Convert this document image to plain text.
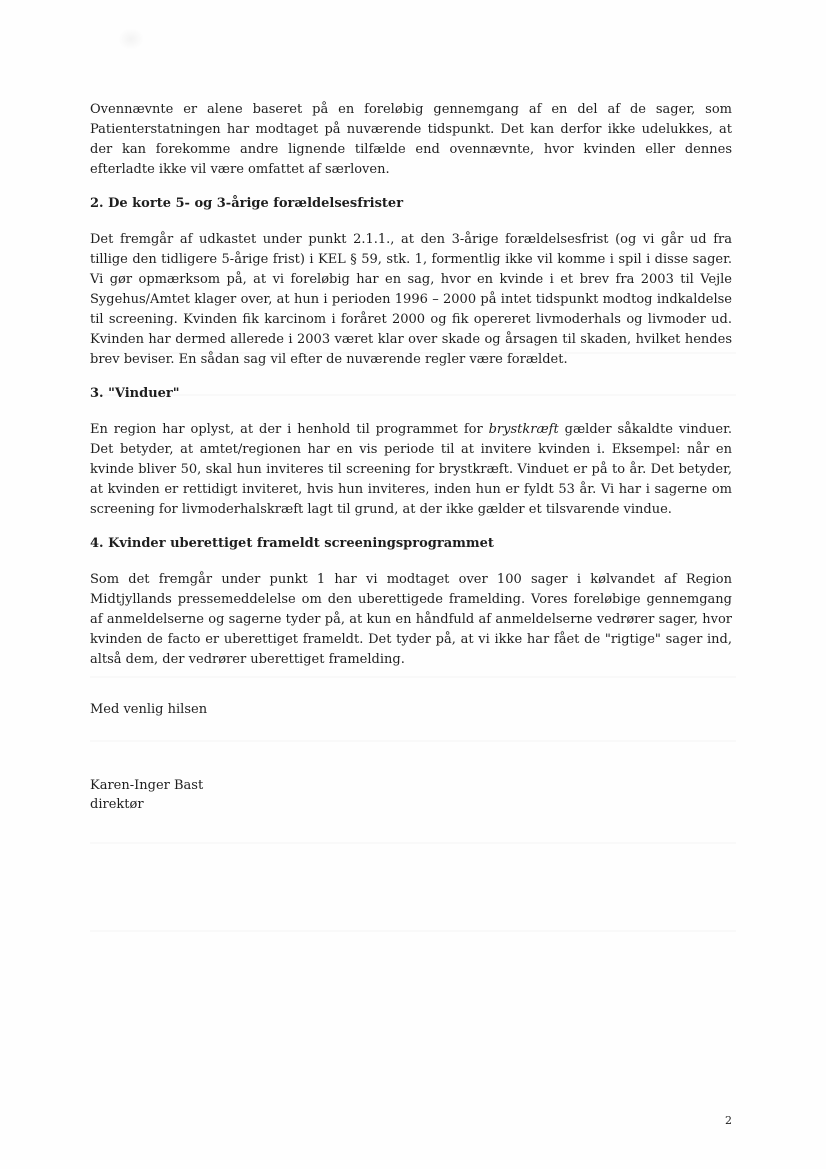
Ovennævnte er alene baseret på en foreløbig gennemgang af en del af de sager, som Patienterstatningen har modtaget på nuværende tidspunkt. Det kan derfor ikke udelukkes, at der kan forekomme andre lignende tilfælde end ovennævnte, hvor kvinden eller dennes efterladte ikke vil være omfattet af særloven.

2. De korte 5- og 3-årige forældelsesfrister

Det fremgår af udkastet under punkt 2.1.1., at den 3-årige forældelsesfrist (og vi går ud fra tillige den tidligere 5-årige frist) i KEL § 59, stk. 1, formentlig ikke vil komme i spil i disse sager. Vi gør opmærksom på, at vi foreløbig har en sag, hvor en kvinde i et brev fra 2003 til Vejle Sygehus/Amtet klager over, at hun i perioden 1996 – 2000 på intet tidspunkt modtog indkaldelse til screening. Kvinden fik karcinom i foråret 2000 og fik opereret livmoderhals og livmoder ud. Kvinden har dermed allerede i 2003 været klar over skade og årsagen til skaden, hvilket hendes brev beviser. En sådan sag vil efter de nuværende regler være forældet.

3. "Vinduer"

En region har oplyst, at der i henhold til programmet for brystkræft gælder såkaldte vinduer. Det betyder, at amtet/regionen har en vis periode til at invitere kvinden i. Eksempel: når en kvinde bliver 50, skal hun inviteres til screening for brystkræft. Vinduet er på to år. Det betyder, at kvinden er rettidigt inviteret, hvis hun inviteres, inden hun er fyldt 53 år. Vi har i sagerne om screening for livmoderhalskræft lagt til grund, at der ikke gælder et tilsvarende vindue.

4. Kvinder uberettiget frameldt screeningsprogrammet

Som det fremgår under punkt 1 har vi modtaget over 100 sager i kølvandet af Region Midtjyllands pressemeddelelse om den uberettigede framelding. Vores foreløbige gennemgang af anmeldelserne og sagerne tyder på, at kun en håndfuld af anmeldelserne vedrører sager, hvor kvinden de facto er uberettiget frameldt. Det tyder på, at vi ikke har fået de "rigtige" sager ind, altså dem, der vedrører uberettiget framelding.

Med venlig hilsen

Karen-Inger Bast

direktør

2
